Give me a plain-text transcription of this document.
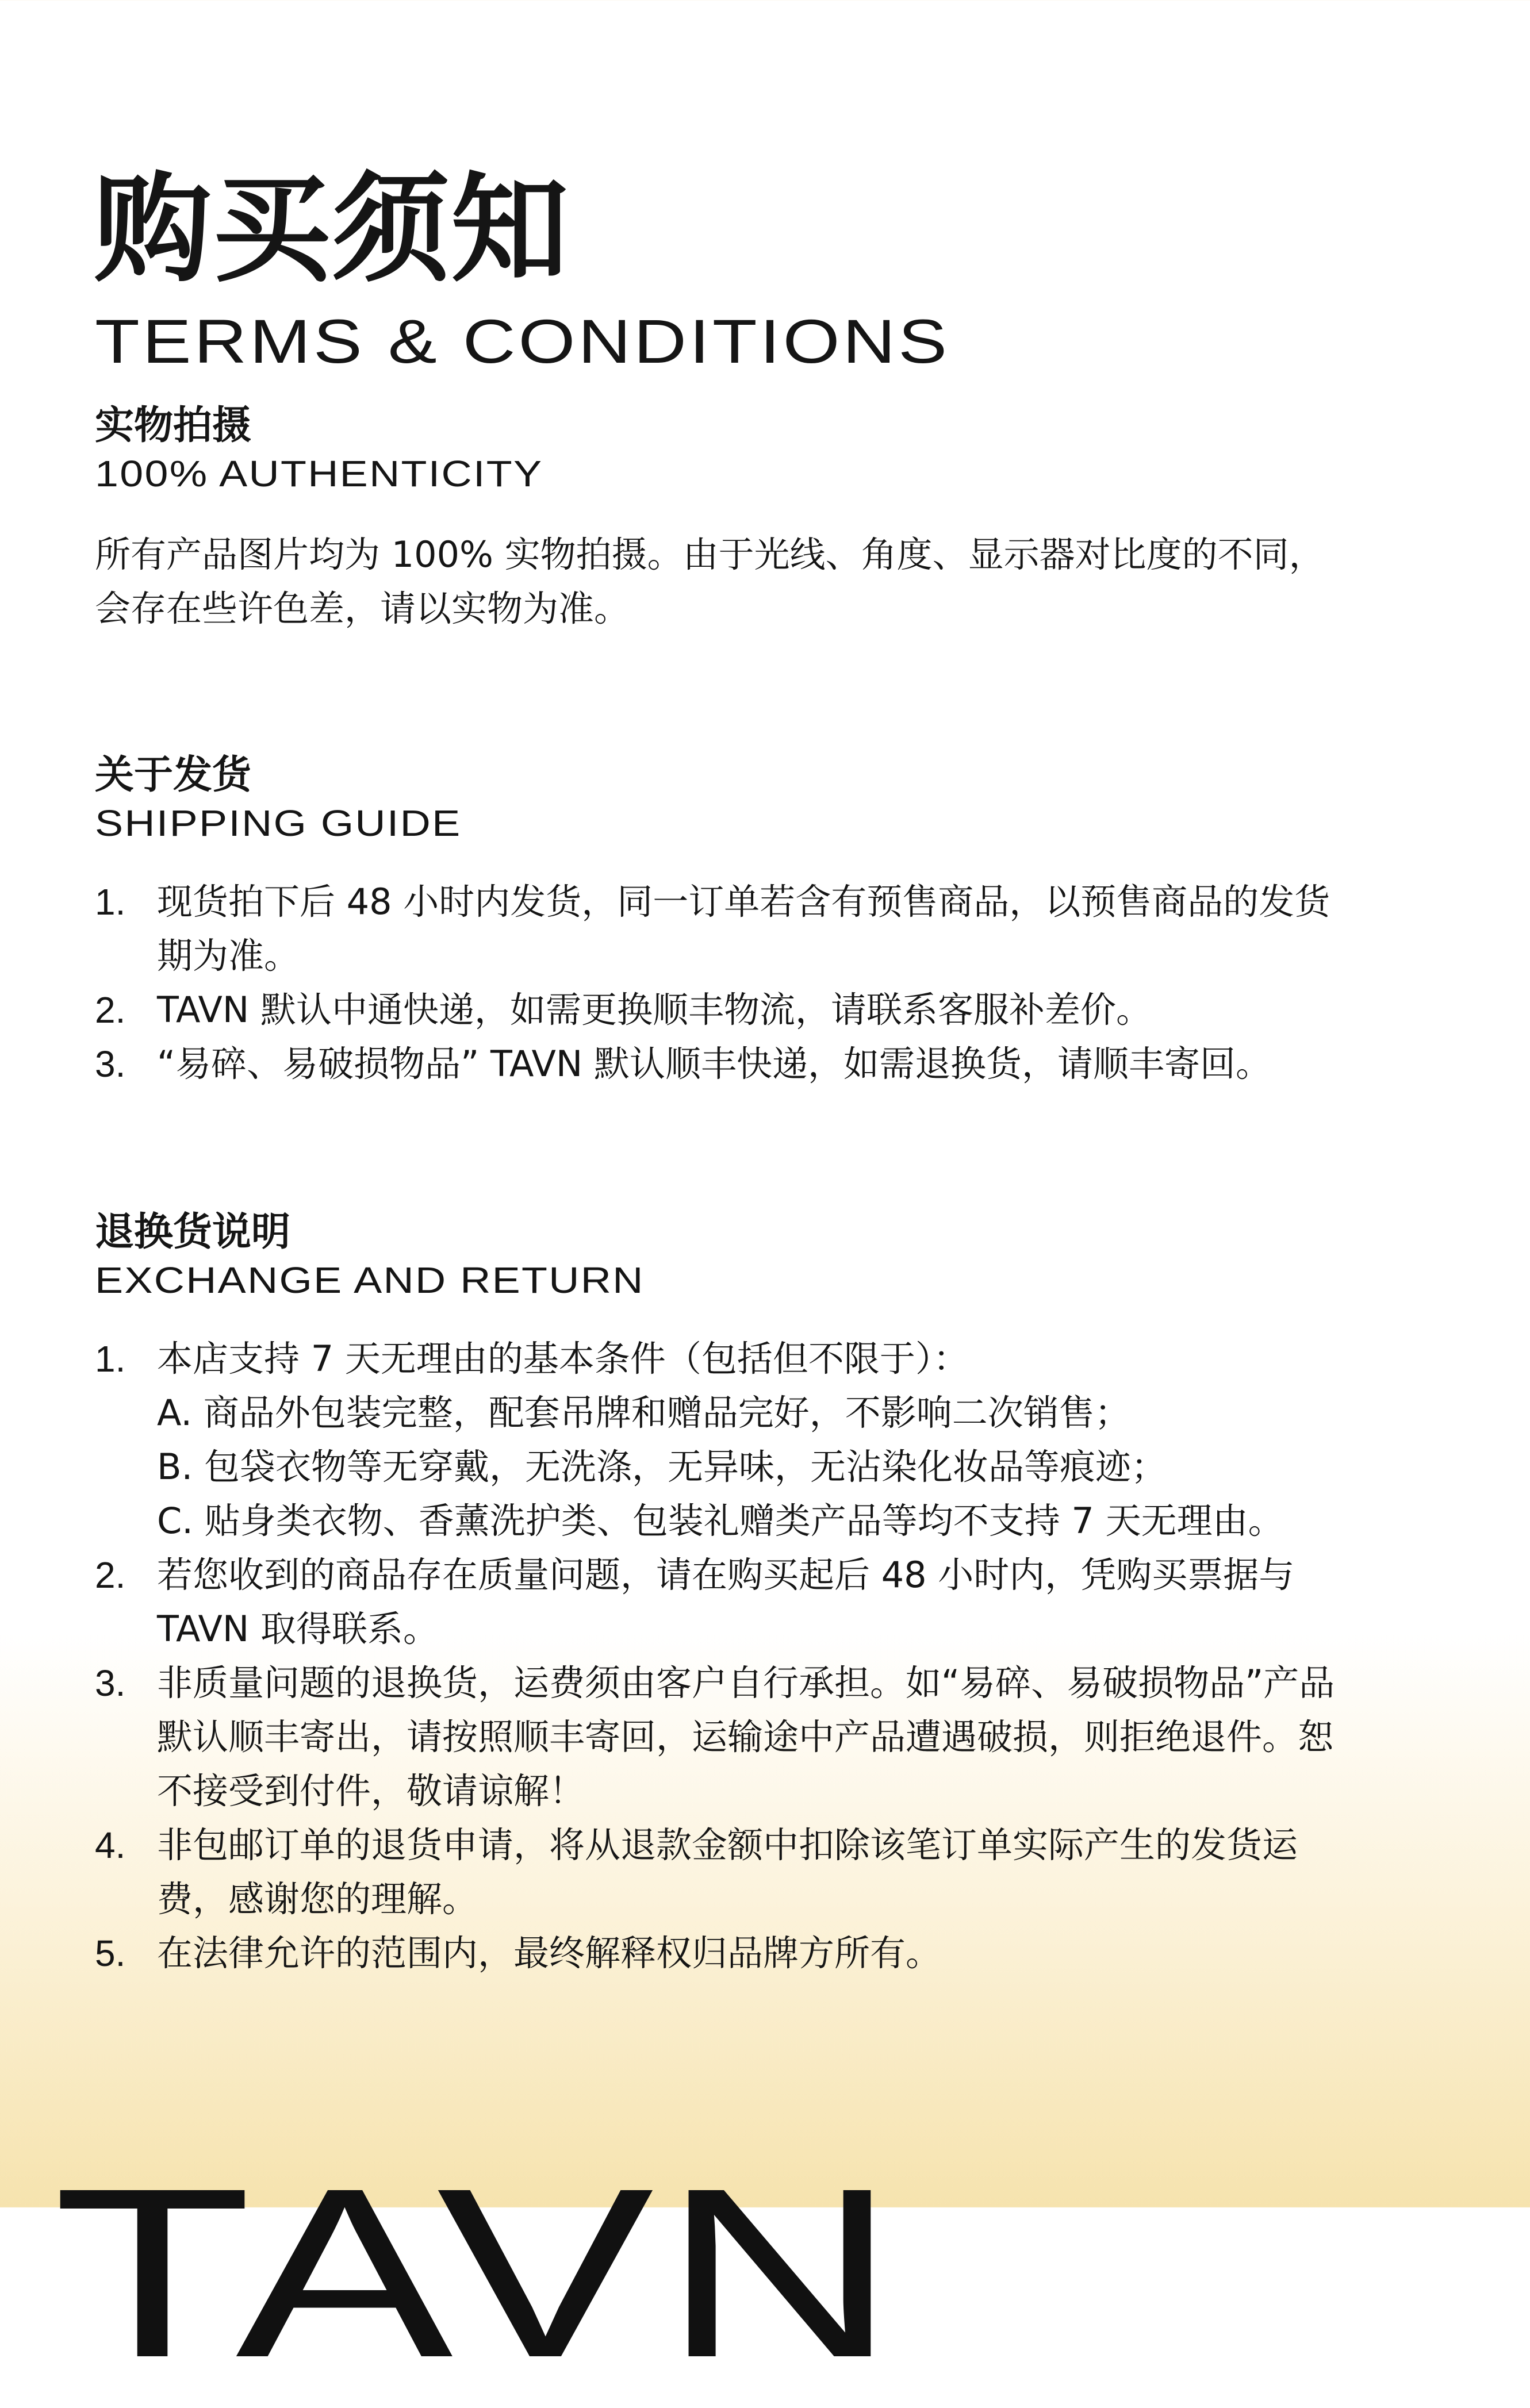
购买须知
TERMS & CONDITIONS
实物拍摄
100% AUTHENTICITY

所有产品图片均为 100% 实物拍摄。由于光线、角度、显示器对比度的不同，会存在些许色差，请以实物为准。

关于发货
SHIPPING GUIDE
1. 现货拍下后 48 小时内发货，同一订单若含有预售商品，以预售商品的发货期为准。
2. TAVN 默认中通快递，如需更换顺丰物流，请联系客服补差价。
3. “易碎、易破损物品” TAVN 默认顺丰快递，如需退换货，请顺丰寄回。
退换货说明
EXCHANGE AND RETURN
1. 本店支持 7 天无理由的基本条件（包括但不限于）：
A. 商品外包装完整，配套吊牌和赠品完好，不影响二次销售；
B. 包袋衣物等无穿戴，无洗涤，无异味，无沾染化妆品等痕迹；
C. 贴身类衣物、香薰洗护类、包装礼赠类产品等均不支持 7 天无理由。
2. 若您收到的商品存在质量问题，请在购买起后 48 小时内，凭购买票据与 TAVN 取得联系。
3. 非质量问题的退换货，运费须由客户自行承担。如“易碎、易破损物品”产品默认顺丰寄出，请按照顺丰寄回，运输途中产品遭遇破损，则拒绝退件。恕不接受到付件，敬请谅解！
4. 非包邮订单的退货申请，将从退款金额中扣除该笔订单实际产生的发货运费，感谢您的理解。
5. 在法律允许的范围内，最终解释权归品牌方所有。
TAVN
